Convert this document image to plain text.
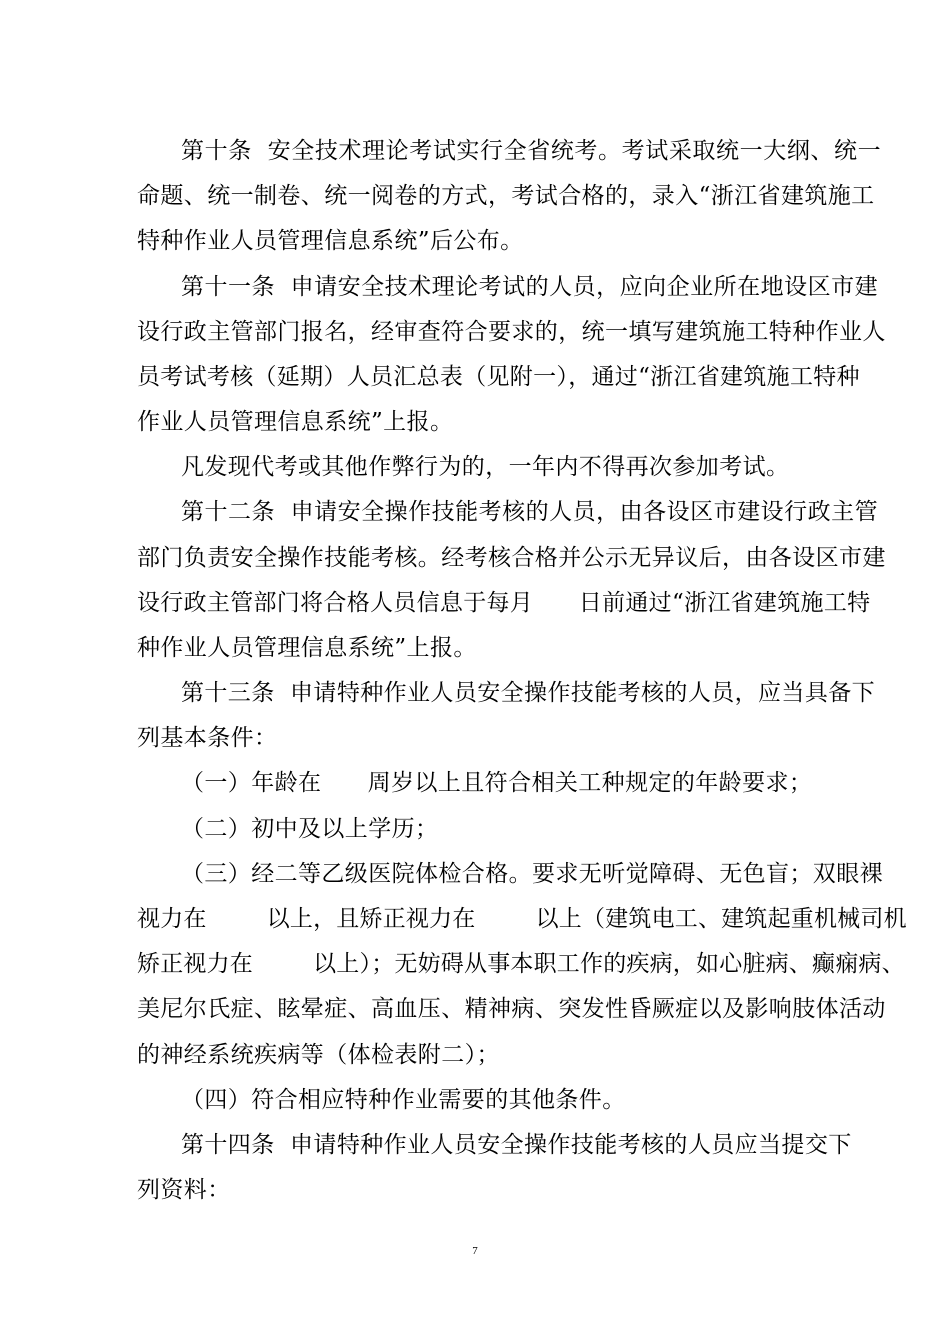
第十条  安全技术理论考试实行全省统考。考试采取统一大纲、统一
命题、统一制卷、统一阅卷的方式，考试合格的，录入“浙江省建筑施工
特种作业人员管理信息系统”后公布。
第十一条  申请安全技术理论考试的人员，应向企业所在地设区市建
设行政主管部门报名，经审查符合要求的，统一填写建筑施工特种作业人
员考试考核（延期）人员汇总表（见附一），通过“浙江省建筑施工特种
作业人员管理信息系统”上报。
凡发现代考或其他作弊行为的，一年内不得再次参加考试。
第十二条  申请安全操作技能考核的人员，由各设区市建设行政主管
部门负责安全操作技能考核。经考核合格并公示无异议后，由各设区市建
设行政主管部门将合格人员信息于每月      日前通过“浙江省建筑施工特
种作业人员管理信息系统”上报。
第十三条  申请特种作业人员安全操作技能考核的人员，应当具备下
列基本条件：
（一）年龄在      周岁以上且符合相关工种规定的年龄要求；
（二）初中及以上学历；
（三）经二等乙级医院体检合格。要求无听觉障碍、无色盲；双眼裸
视力在        以上，且矫正视力在        以上（建筑电工、建筑起重机械司机
矫正视力在        以上）；无妨碍从事本职工作的疾病，如心脏病、癫痫病、
美尼尔氏症、眩晕症、高血压、精神病、突发性昏厥症以及影响肢体活动
的神经系统疾病等（体检表附二）；
（四）符合相应特种作业需要的其他条件。
第十四条  申请特种作业人员安全操作技能考核的人员应当提交下
列资料：
7
